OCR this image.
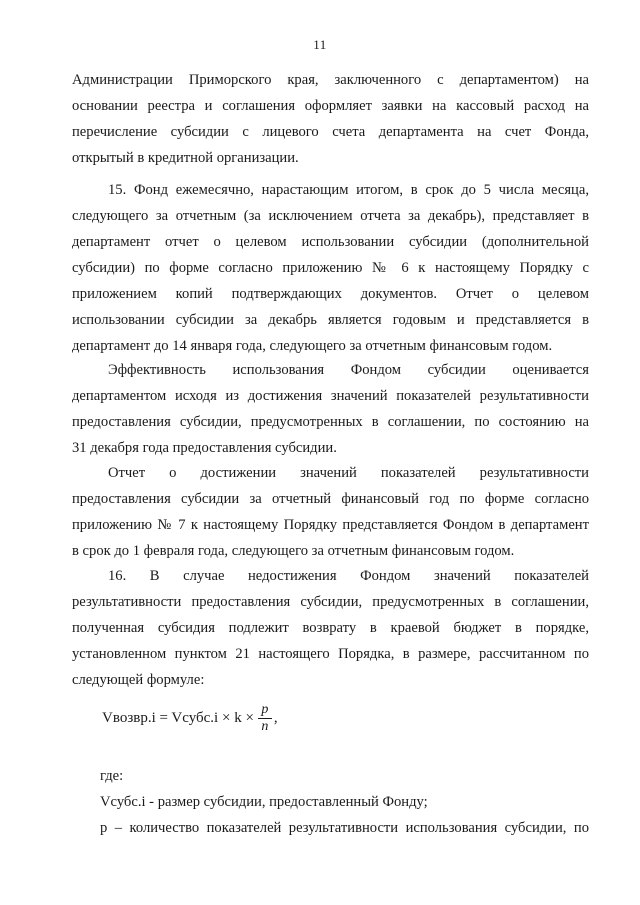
11
Администрации Приморского края, заключенного с департаментом) на
основании реестра и соглашения оформляет заявки на кассовый расход на
перечисление субсидии с лицевого счета департамента на счет Фонда,
открытый в кредитной организации.
15. Фонд ежемесячно, нарастающим итогом, в срок до 5 числа месяца,
следующего за отчетным (за исключением отчета за декабрь), представляет в
департамент отчет о целевом использовании субсидии (дополнительной
субсидии) по форме согласно приложению № 6 к настоящему Порядку с
приложением копий подтверждающих документов. Отчет о целевом
использовании субсидии за декабрь является годовым и представляется в
департамент до 14 января года, следующего за отчетным финансовым годом.
Эффективность использования Фондом субсидии оценивается
департаментом исходя из достижения значений показателей результативности
предоставления субсидии, предусмотренных в соглашении, по состоянию на
31 декабря года предоставления субсидии.
Отчет о достижении значений показателей результативности
предоставления субсидии за отчетный финансовый год по форме согласно
приложению № 7 к настоящему Порядку представляется Фондом в департамент
в срок до 1 февраля года, следующего за отчетным финансовым годом.
16. В случае недостижения Фондом значений показателей
результативности предоставления субсидии, предусмотренных в соглашении,
полученная субсидия подлежит возврату в краевой бюджет в порядке,
установленном пунктом 21 настоящего Порядка, в размере, рассчитанном по
следующей формуле:
Vвозвр.i = Vсубс.i × $k \times \frac{p}{n}$ ,
где:
Vсубс.i - размер субсидии, предоставленный Фонду;
p – количество показателей результативности использования субсидии, по
